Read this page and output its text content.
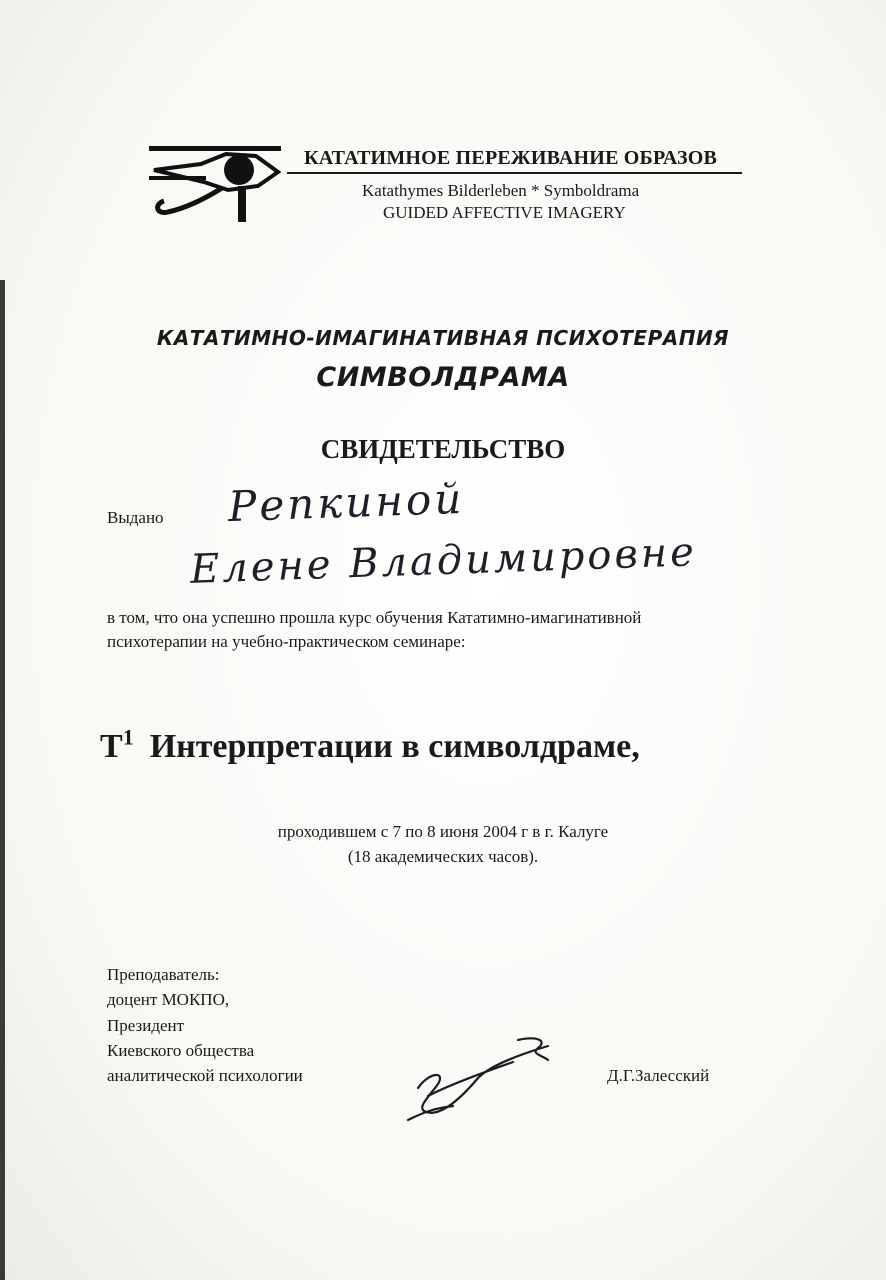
КАТАТИМНОЕ ПЕРЕЖИВАНИЕ ОБРАЗОВ
Katathymes Bilderleben * Symboldrama
GUIDED AFFECTIVE IMAGERY
КАТАТИМНО-ИМАГИНАТИВНАЯ ПСИХОТЕРАПИЯ
СИМВОЛДРАМА
СВИДЕТЕЛЬСТВО
Выдано Репкиной
Елене Владимировне
в том, что она успешно прошла курс обучения Кататимно-имагинативной
психотерапии на учебно-практическом семинаре:
$Т^1$ Интерпретации в символдраме,
проходившем с 7 по 8 июня 2004 г в г. Калуге
(18 академических часов).
Преподаватель:
доцент МОКПО,
Президент
Киевского общества
аналитической психологии	Д.Г.Залесский
